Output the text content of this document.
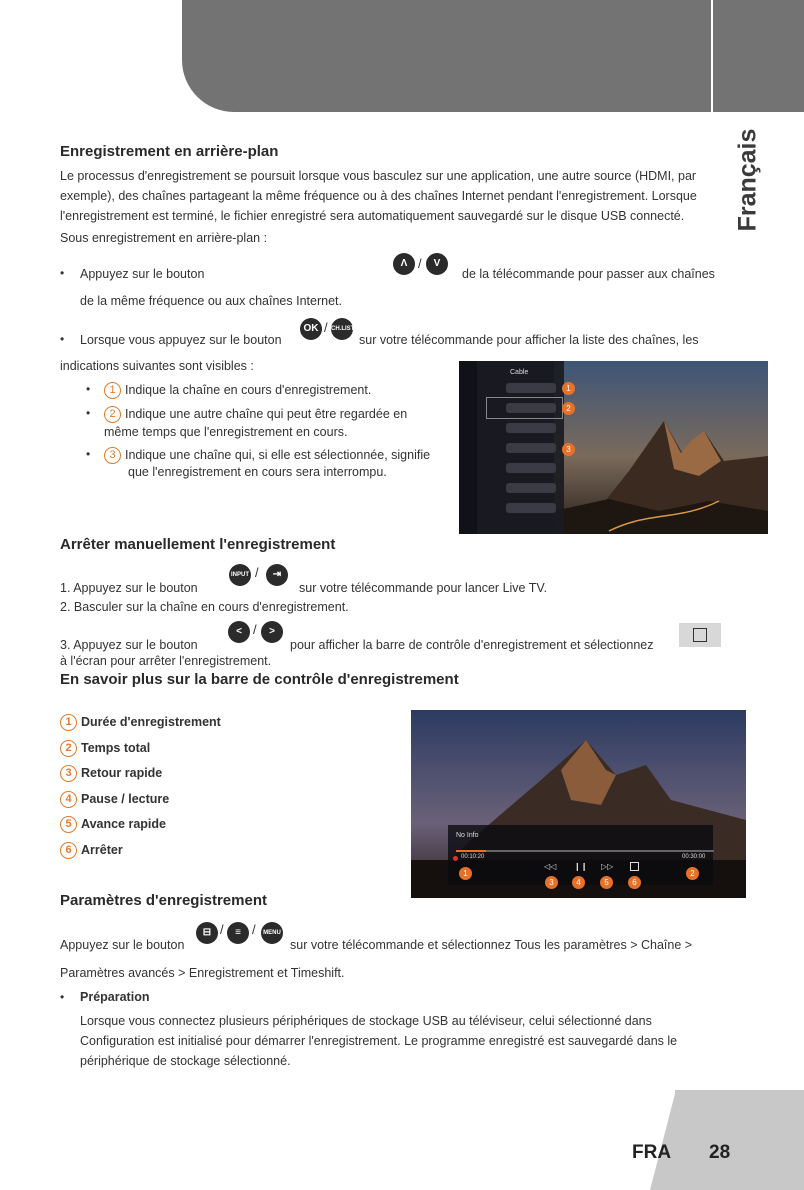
Français
Enregistrement en arrière-plan

Le processus d'enregistrement se poursuit lorsque vous basculez sur une application, une autre source (HDMI, par exemple), des chaînes partageant la même fréquence ou à des chaînes Internet pendant l'enregistrement. Lorsque l'enregistrement est terminé, le fichier enregistré sera automatiquement sauvegardé sur le disque USB connecté.

Sous enregistrement en arrière-plan :

• Appuyez sur le bouton

Λ /	V

de la télécommande pour passer aux chaînes

de la même fréquence ou aux chaînes Internet.

• Lorsque vous appuyez sur le bouton

OK / CH.LIST

sur votre télécommande pour afficher la liste des chaînes, les

indications suivantes sont visibles :

•	1 Indique la chaîne en cours d'enregistrement.

•	2 Indique une autre chaîne qui peut être regardée en

même temps que l'enregistrement en cours.

•	3 Indique une chaîne qui, si elle est sélectionnée, signifie

que l'enregistrement en cours sera interrompu.

Cable
1
2
3
Arrêter manuellement l'enregistrement

1. Appuyez sur le bouton

INPUT /	⇥

sur votre télécommande pour lancer Live TV.

2. Basculer sur la chaîne en cours d'enregistrement.

3. Appuyez sur le bouton

< /	>

pour afficher la barre de contrôle d'enregistrement et sélectionnez

à l'écran pour arrêter l'enregistrement.

En savoir plus sur la barre de contrôle d'enregistrement

1 Durée d'enregistrement

2 Temps total

3 Retour rapide

4 Pause / lecture

5 Avance rapide

6 Arrêter

No Info
00:10:20	00:30:00
◁◁ ❙❙ ▷▷
1	2
3	4	5	6
Paramètres d'enregistrement

Appuyez sur le bouton

⊟ /	≡ /	MENU

sur votre télécommande et sélectionnez Tous les paramètres > Chaîne >

Paramètres avancés > Enregistrement et Timeshift.

• Préparation

Lorsque vous connectez plusieurs périphériques de stockage USB au téléviseur, celui sélectionné dans Configuration est initialisé pour démarrer l'enregistrement. Le programme enregistré est sauvegardé dans le périphérique de stockage sélectionné.

FRA 28
